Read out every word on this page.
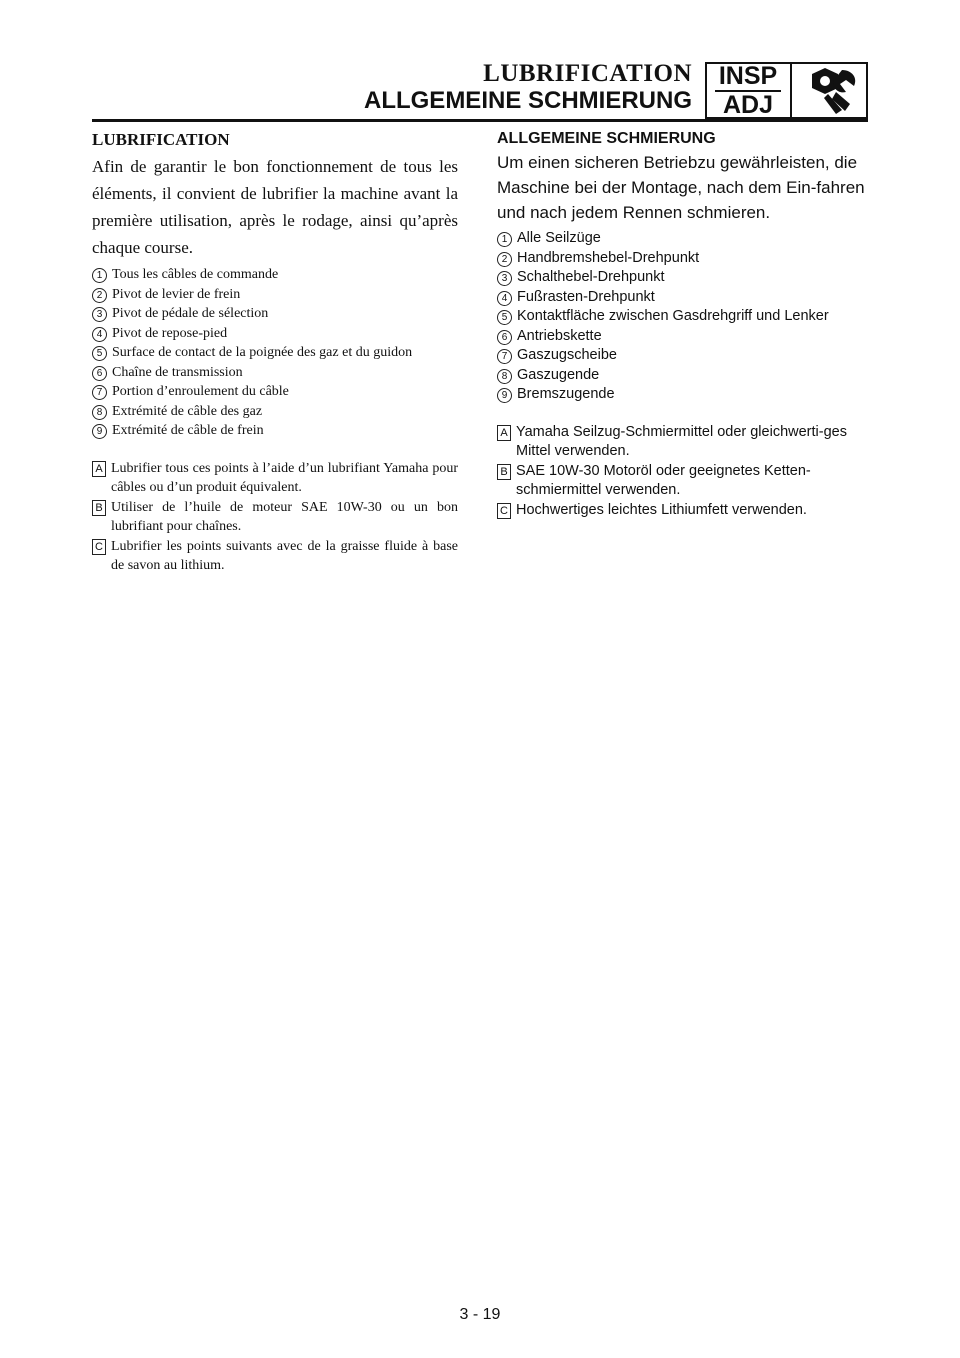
LUBRIFICATION
ALLGEMEINE SCHMIERUNG
INSP
ADJ
LUBRIFICATION

Afin de garantir le bon fonctionnement de tous les éléments, il convient de lubrifier la machine avant la première utilisation, après le rodage, ainsi qu’après chaque course.

1 Tous les câbles de commande
2 Pivot de levier de frein
3 Pivot de pédale de sélection
4 Pivot de repose-pied
5 Surface de contact de la poignée des gaz et du guidon
6 Chaîne de transmission
7 Portion d’enroulement du câble
8 Extrémité de câble des gaz
9 Extrémité de câble de frein
A Lubrifier tous ces points à l’aide d’un lubrifiant Yamaha pour câbles ou d’un produit équivalent.
B Utiliser de l’huile de moteur SAE 10W-30 ou un bon lubrifiant pour chaînes.
C Lubrifier les points suivants avec de la graisse fluide à base de savon au lithium.
ALLGEMEINE SCHMIERUNG

Um einen sicheren Betriebzu gewährleisten, die Maschine bei der Montage, nach dem Ein-fahren und nach jedem Rennen schmieren.

1 Alle Seilzüge
2 Handbremshebel-Drehpunkt
3 Schalthebel-Drehpunkt
4 Fußrasten-Drehpunkt
5 Kontaktfläche zwischen Gasdrehgriff und Lenker
6 Antriebskette
7 Gaszugscheibe
8 Gaszugende
9 Bremszugende
A Yamaha Seilzug-Schmiermittel oder gleichwerti-ges Mittel verwenden.
B SAE 10W-30 Motoröl oder geeignetes Ketten-schmiermittel verwenden.
C Hochwertiges leichtes Lithiumfett verwenden.
3 - 19
